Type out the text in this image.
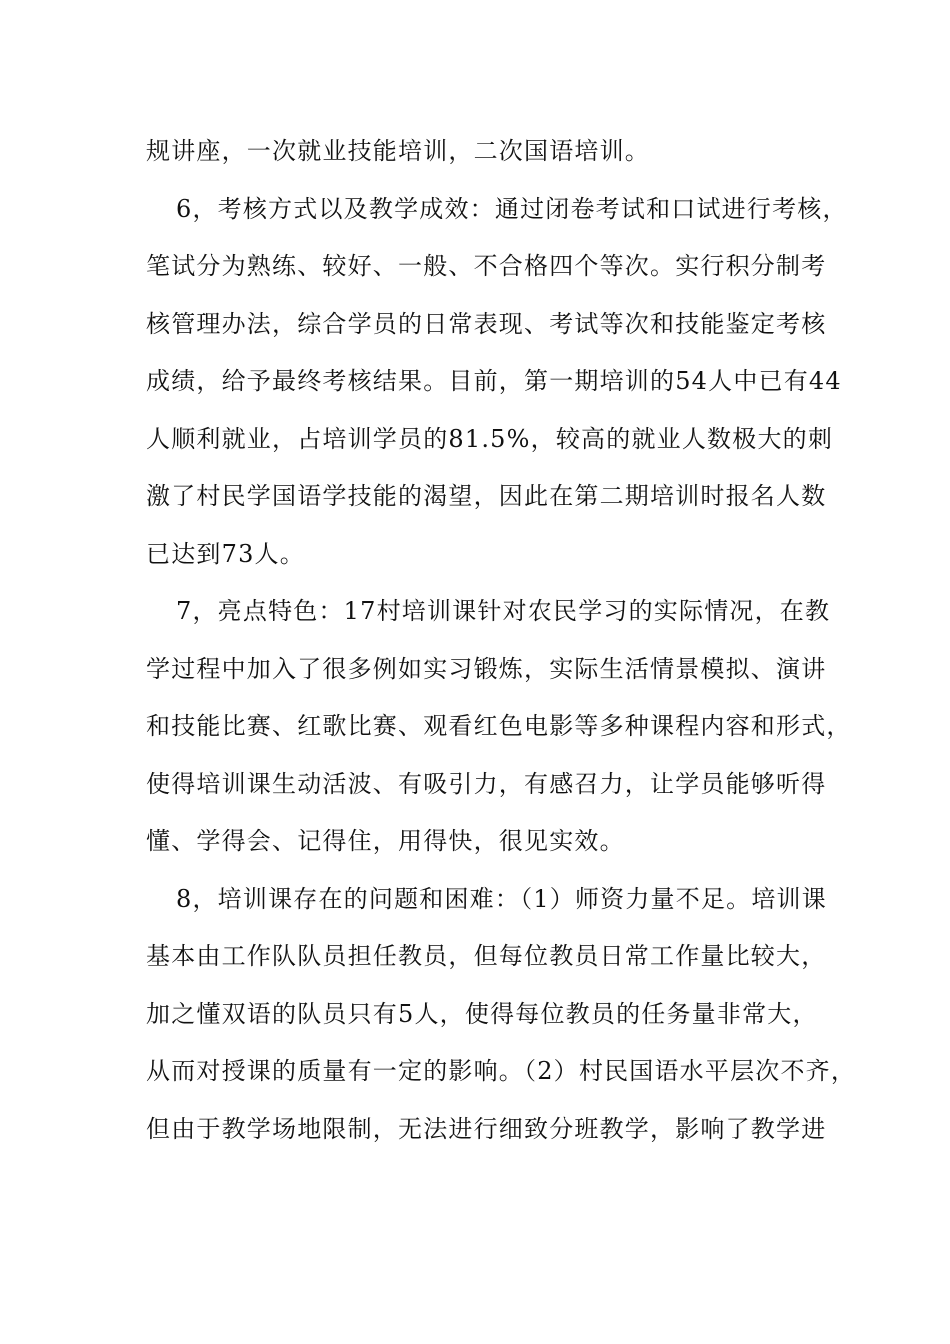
规讲座，一次就业技能培训，二次国语培训。
6，考核方式以及教学成效：通过闭卷考试和口试进行考核，
笔试分为熟练、较好、一般、不合格四个等次。实行积分制考
核管理办法，综合学员的日常表现、考试等次和技能鉴定考核
成绩，给予最终考核结果。目前，第一期培训的54人中已有44
人顺利就业，占培训学员的81.5%，较高的就业人数极大的刺
激了村民学国语学技能的渴望，因此在第二期培训时报名人数
已达到73人。
7，亮点特色：17村培训课针对农民学习的实际情况，在教
学过程中加入了很多例如实习锻炼，实际生活情景模拟、演讲
和技能比赛、红歌比赛、观看红色电影等多种课程内容和形式，
使得培训课生动活波、有吸引力，有感召力，让学员能够听得
懂、学得会、记得住，用得快，很见实效。
8，培训课存在的问题和困难：（1）师资力量不足。培训课
基本由工作队队员担任教员，但每位教员日常工作量比较大，
加之懂双语的队员只有5人，使得每位教员的任务量非常大，
从而对授课的质量有一定的影响。（2）村民国语水平层次不齐，
但由于教学场地限制，无法进行细致分班教学，影响了教学进
